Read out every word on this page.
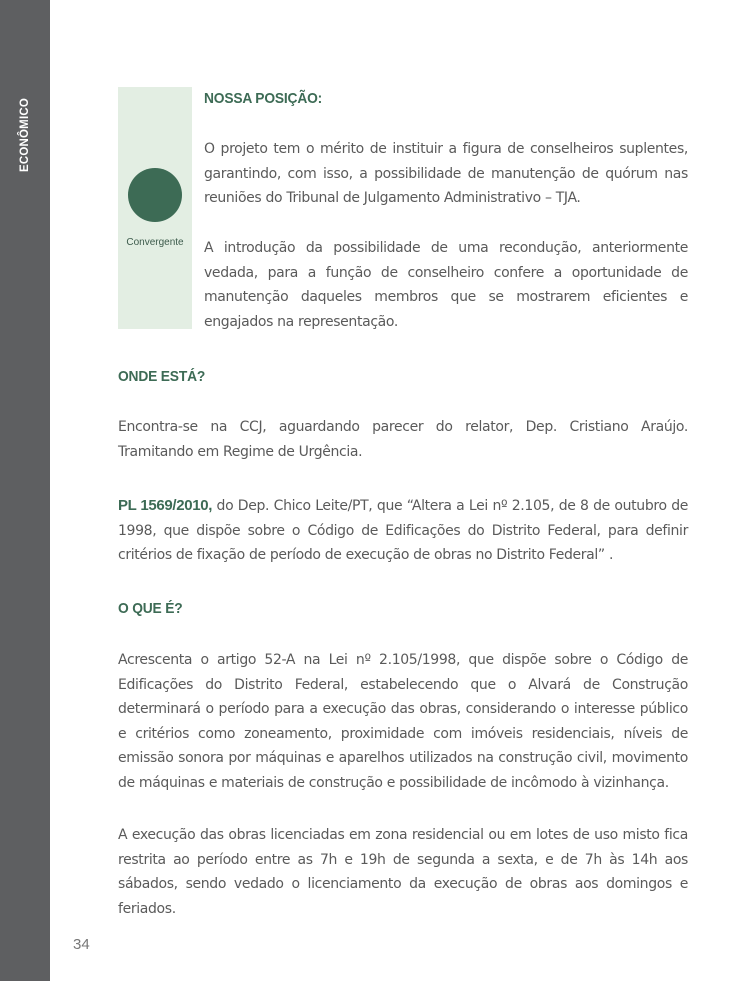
ECONÔMICO
Convergente
NOSSA POSIÇÃO:

O projeto tem o mérito de instituir a figura de conselheiros suplentes, garantindo, com isso, a possibilidade de manutenção de quórum nas reuniões do Tribunal de Julgamento Administrativo – TJA.

A introdução da possibilidade de uma recondução, anteriormente vedada, para a função de conselheiro confere a oportunidade de manutenção daqueles membros que se mostrarem eficientes e engajados na representação.

ONDE ESTÁ?

Encontra-se na CCJ, aguardando parecer do relator, Dep. Cristiano Araújo. Tramitando em Regime de Urgência.

PL 1569/2010, do Dep. Chico Leite/PT, que “Altera a Lei nº 2.105, de 8 de outubro de 1998, que dispõe sobre o Código de Edificações do Distrito Federal, para definir critérios de fixação de período de execução de obras no Distrito Federal” .

O QUE É?

Acrescenta o artigo 52-A na Lei nº 2.105/1998, que dispõe sobre o Código de Edificações do Distrito Federal, estabelecendo que o Alvará de Construção determinará o período para a execução das obras, considerando o interesse público e critérios como zoneamento, proximidade com imóveis residenciais, níveis de emissão sonora por máquinas e aparelhos utilizados na construção civil, movimento de máquinas e materiais de construção e possibilidade de incômodo à vizinhança.

A execução das obras licenciadas em zona residencial ou em lotes de uso misto fica restrita ao período entre as 7h e 19h de segunda a sexta, e de 7h às 14h aos sábados, sendo vedado o licenciamento da execução de obras aos domingos e feriados.

34
